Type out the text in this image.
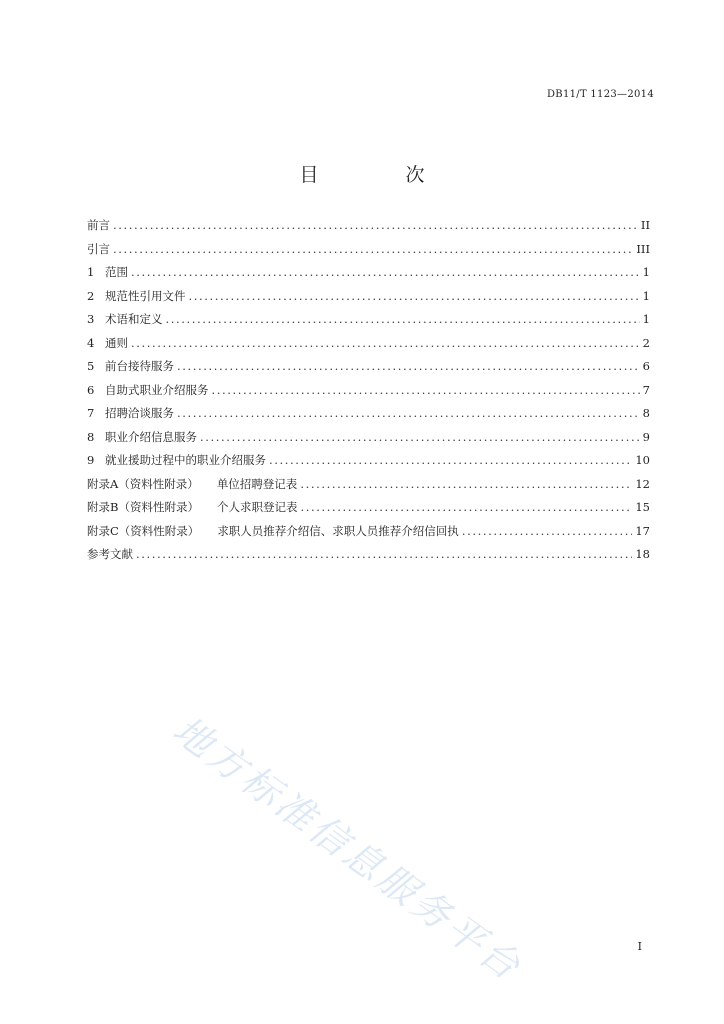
DB11/T 1123—2014
目　次
前言 .....	II
引言 .....	III
1 范围 .....	1
2 规范性引用文件 .....	1
3 术语和定义 .....	1
4 通则 .....	2
5 前台接待服务 .....	6
6 自助式职业介绍服务 .....	7
7 招聘洽谈服务 .....	8
8 职业介绍信息服务 .....	9
9 就业援助过程中的职业介绍服务 .....	10
附录A（资料性附录） 单位招聘登记表 .....	12
附录B（资料性附录） 个人求职登记表 .....	15
附录C（资料性附录） 求职人员推荐介绍信、求职人员推荐介绍信回执 .....	17
参考文献 .....	18
地方标准信息服务平台	I
